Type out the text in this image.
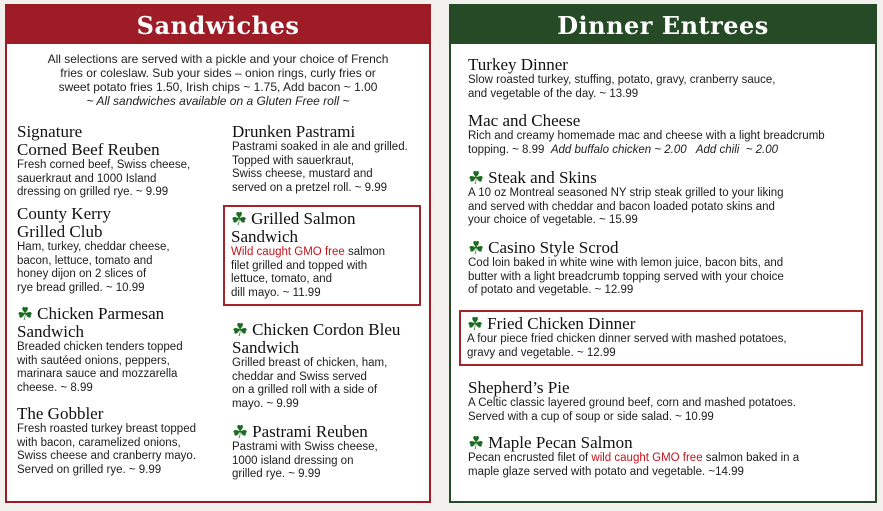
Sandwiches
All selections are served with a pickle and your choice of French
fries or coleslaw. Sub your sides – onion rings, curly fries or
sweet potato fries 1.50, Irish chips ~ 1.75, Add bacon ~ 1.00
~ All sandwiches available on a Gluten Free roll ~
Signature
Corned Beef Reuben
Fresh corned beef, Swiss cheese,
sauerkraut and 1000 Island
dressing on grilled rye. ~ 9.99
County Kerry
Grilled Club
Ham, turkey, cheddar cheese,
bacon, lettuce, tomato and
honey dijon on 2 slices of
rye bread grilled. ~ 10.99
☘ Chicken Parmesan
Sandwich
Breaded chicken tenders topped
with sautéed onions, peppers,
marinara sauce and mozzarella
cheese. ~ 8.99
The Gobbler
Fresh roasted turkey breast topped
with bacon, caramelized onions,
Swiss cheese and cranberry mayo.
Served on grilled rye. ~ 9.99
Drunken Pastrami
Pastrami soaked in ale and grilled.
Topped with sauerkraut,
Swiss cheese, mustard and
served on a pretzel roll. ~ 9.99
☘ Grilled Salmon
Sandwich
Wild caught GMO free salmon
filet grilled and topped with
lettuce, tomato, and
dill mayo. ~ 11.99
☘ Chicken Cordon Bleu
Sandwich
Grilled breast of chicken, ham,
cheddar and Swiss served
on a grilled roll with a side of
mayo. ~ 9.99
☘ Pastrami Reuben
Pastrami with Swiss cheese,
1000 island dressing on
grilled rye. ~ 9.99
Dinner Entrees
Turkey Dinner
Slow roasted turkey, stuffing, potato, gravy, cranberry sauce,
and vegetable of the day. ~ 13.99
Mac and Cheese
Rich and creamy homemade mac and cheese with a light breadcrumb
topping. ~ 8.99  Add buffalo chicken ~ 2.00   Add chili  ~ 2.00
☘ Steak and Skins
A 10 oz Montreal seasoned NY strip steak grilled to your liking
and served with cheddar and bacon loaded potato skins and
your choice of vegetable. ~ 15.99
☘ Casino Style Scrod
Cod loin baked in white wine with lemon juice, bacon bits, and
butter with a light breadcrumb topping served with your choice
of potato and vegetable. ~ 12.99
☘ Fried Chicken Dinner
A four piece fried chicken dinner served with mashed potatoes,
gravy and vegetable. ~ 12.99
Shepherd’s Pie
A Celtic classic layered ground beef, corn and mashed potatoes.
Served with a cup of soup or side salad. ~ 10.99
☘ Maple Pecan Salmon
Pecan encrusted filet of wild caught GMO free salmon baked in a
maple glaze served with potato and vegetable. ~14.99
